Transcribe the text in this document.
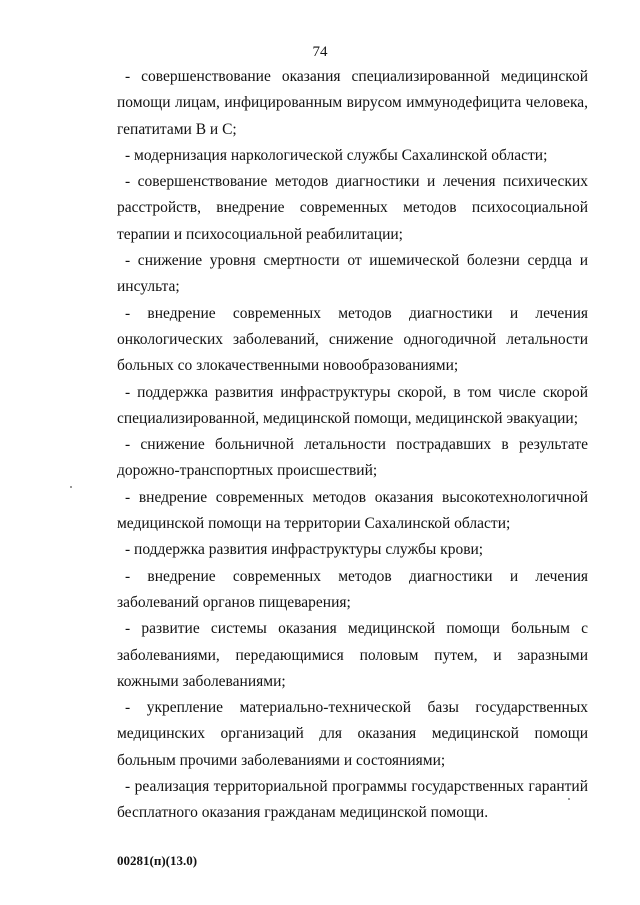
74

- совершенствование оказания специализированной медицинской помощи лицам, инфицированным вирусом иммунодефицита человека, гепатитами В и С;

- модернизация наркологической службы Сахалинской области;

- совершенствование методов диагностики и лечения психических расстройств, внедрение современных методов психосоциальной терапии и психосоциальной реабилитации;

- снижение уровня смертности от ишемической болезни сердца и инсульта;

- внедрение современных методов диагностики и лечения онкологических заболеваний, снижение одногодичной летальности больных со злокачественными новообразованиями;

- поддержка развития инфраструктуры скорой, в том числе скорой специализированной, медицинской помощи, медицинской эвакуации;

- снижение больничной летальности пострадавших в результате дорожно-транспортных происшествий;

- внедрение современных методов оказания высокотехнологичной медицинской помощи на территории Сахалинской области;

- поддержка развития инфраструктуры службы крови;

- внедрение современных методов диагностики и лечения заболеваний органов пищеварения;

- развитие системы оказания медицинской помощи больным с заболеваниями, передающимися половым путем, и заразными кожными заболеваниями;

- укрепление материально-технической базы государственных медицинских организаций для оказания медицинской помощи больным прочими заболеваниями и состояниями;

- реализация территориальной программы государственных гарантий бесплатного оказания гражданам медицинской помощи.

00281(п)(13.0)
